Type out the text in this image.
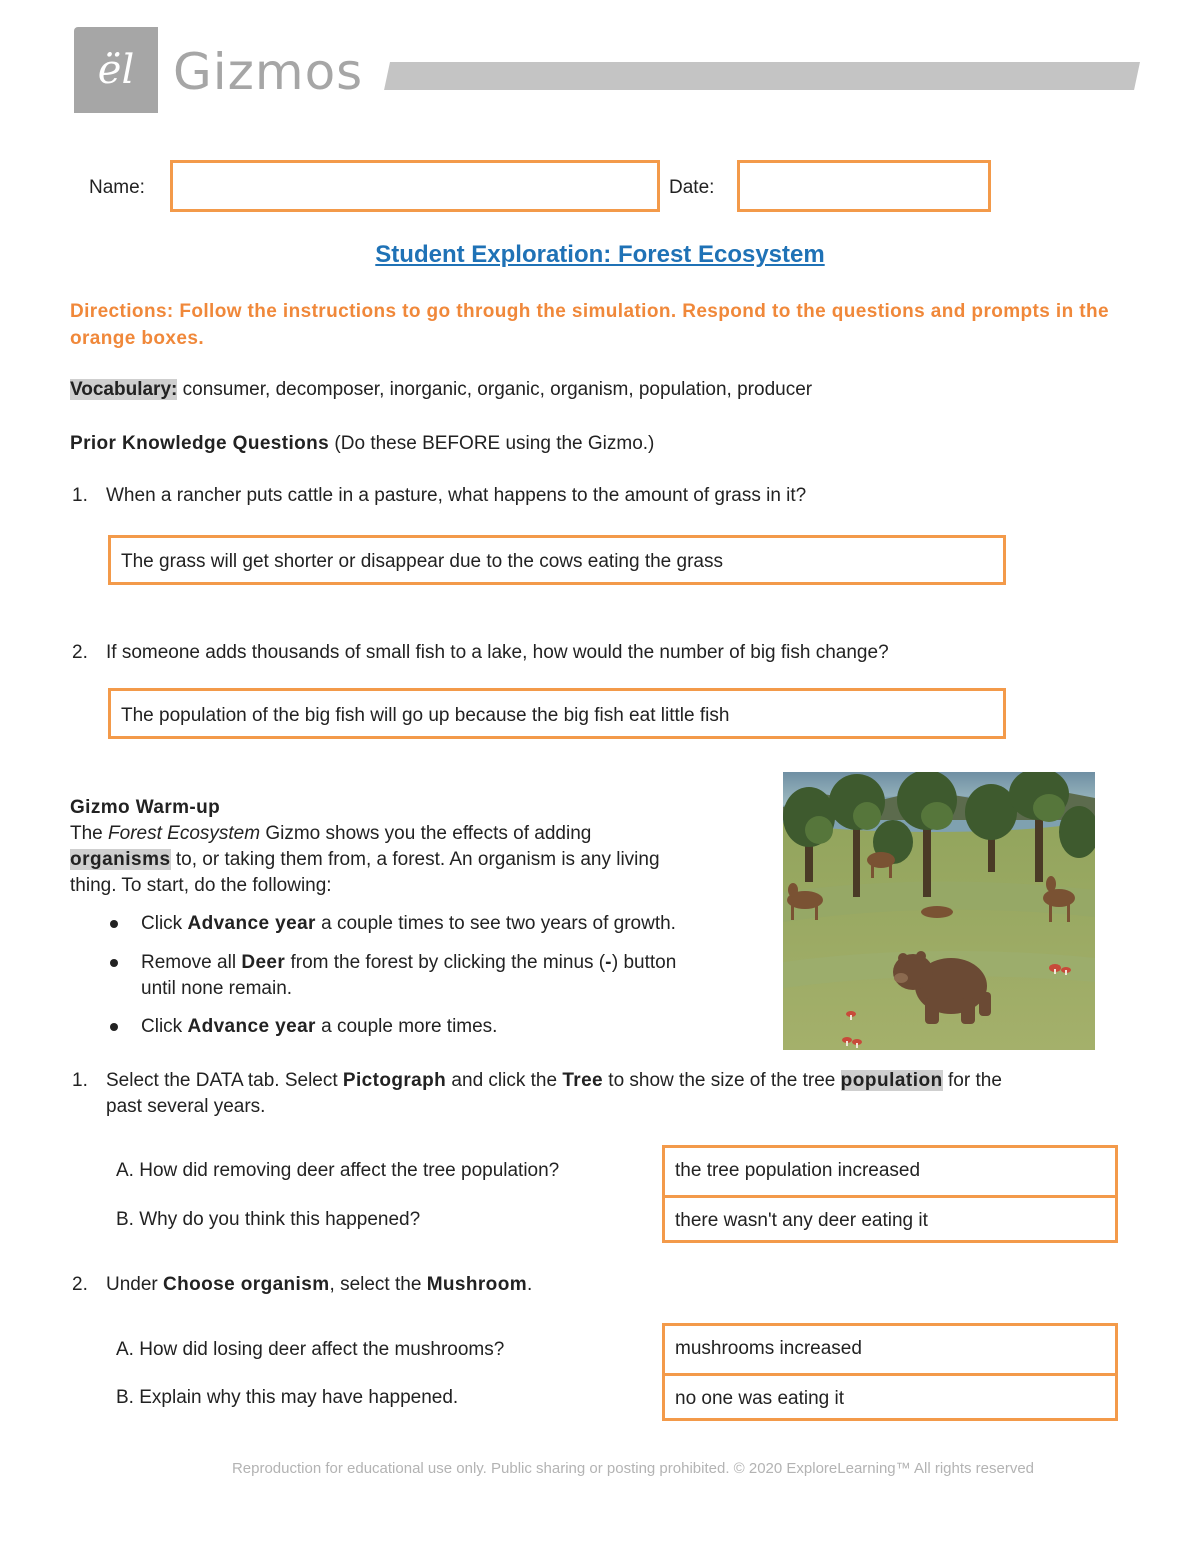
ël Gizmos
Name:	Date:
Student Exploration: Forest Ecosystem
Directions: Follow the instructions to go through the simulation. Respond to the questions and prompts in the orange boxes.
Vocabulary: consumer, decomposer, inorganic, organic, organism, population, producer
Prior Knowledge Questions (Do these BEFORE using the Gizmo.)
1. When a rancher puts cattle in a pasture, what happens to the amount of grass in it?
The grass will get shorter or disappear due to the cows eating the grass
2. If someone adds thousands of small fish to a lake, how would the number of big fish change?
The population of the big fish will go up because the big fish eat little fish
Gizmo Warm-up
The Forest Ecosystem Gizmo shows you the effects of adding
organisms to, or taking them from, a forest. An organism is any living
thing. To start, do the following:
Click Advance year a couple times to see two years of growth.
Remove all Deer from the forest by clicking the minus (-) button
until none remain.
Click Advance year a couple more times.
1. Select the DATA tab. Select Pictograph and click the Tree to show the size of the tree population for the
past several years.
A. How did removing deer affect the tree population?
B. Why do you think this happened?
the tree population increased
there wasn't any deer eating it
2. Under Choose organism, select the Mushroom.
A. How did losing deer affect the mushrooms?
B. Explain why this may have happened.
mushrooms increased
no one was eating it
Reproduction for educational use only. Public sharing or posting prohibited. © 2020 ExploreLearning™ All rights reserved
